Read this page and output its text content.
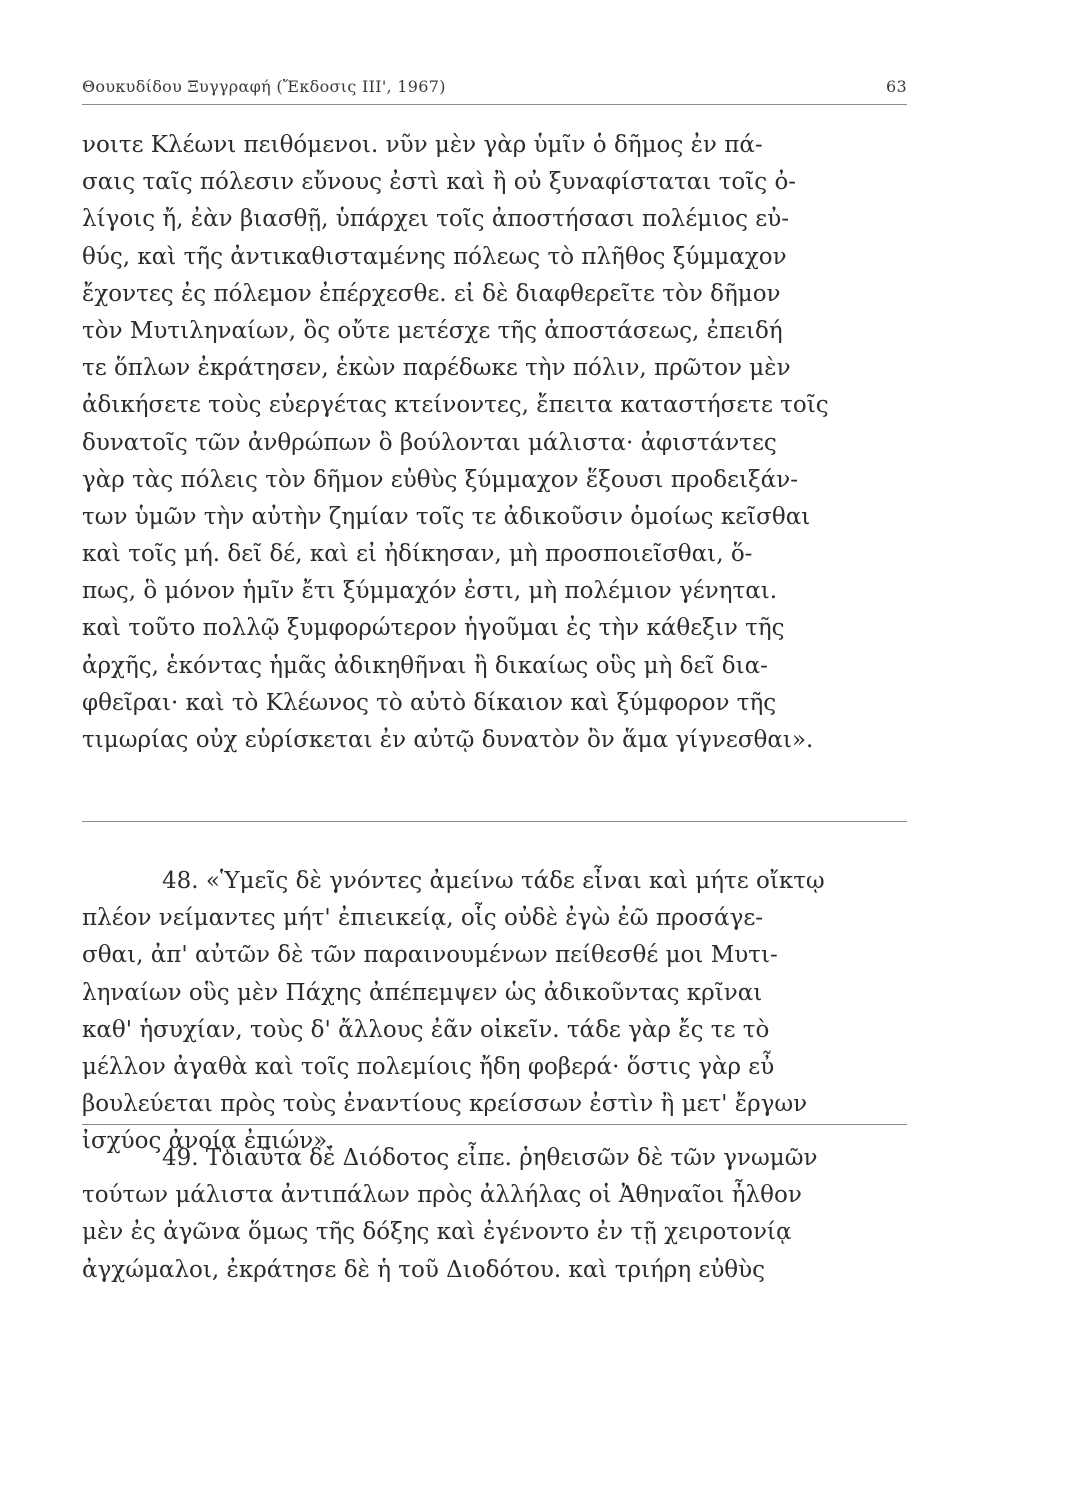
Θουκυδίδου Ξυγγραφή (Ἔκδοσις ΙΙΙ', 1967)	63
νοιτε Κλέωνι πειθόμενοι. νῦν μὲν γὰρ ὑμῖν ὁ δῆμος ἐν πά-
σαις ταῖς πόλεσιν εὔνους ἐστὶ καὶ ἢ οὐ ξυναφίσταται τοῖς ὀ-
λίγοις ἤ, ἐὰν βιασθῇ, ὑπάρχει τοῖς ἀποστήσασι πολέμιος εὐ-
θύς, καὶ τῆς ἀντικαθισταμένης πόλεως τὸ πλῆθος ξύμμαχον
ἔχοντες ἐς πόλεμον ἐπέρχεσθε. εἰ δὲ διαφθερεῖτε τὸν δῆμον
τὸν Μυτιληναίων, ὃς οὔτε μετέσχε τῆς ἀποστάσεως, ἐπειδή
τε ὅπλων ἐκράτησεν, ἑκὼν παρέδωκε τὴν πόλιν, πρῶτον μὲν
ἀδικήσετε τοὺς εὐεργέτας κτείνοντες, ἔπειτα καταστήσετε τοῖς
δυνατοῖς τῶν ἀνθρώπων ὃ βούλονται μάλιστα· ἀφιστάντες
γὰρ τὰς πόλεις τὸν δῆμον εὐθὺς ξύμμαχον ἕξουσι προδειξάν-
των ὑμῶν τὴν αὐτὴν ζημίαν τοῖς τε ἀδικοῦσιν ὁμοίως κεῖσθαι
καὶ τοῖς μή. δεῖ δέ, καὶ εἰ ἠδίκησαν, μὴ προσποιεῖσθαι, ὅ-
πως, ὃ μόνον ἡμῖν ἔτι ξύμμαχόν ἐστι, μὴ πολέμιον γένηται.
καὶ τοῦτο πολλῷ ξυμφορώτερον ἡγοῦμαι ἐς τὴν κάθεξιν τῆς
ἀρχῆς, ἑκόντας ἡμᾶς ἀδικηθῆναι ἢ δικαίως οὓς μὴ δεῖ δια-
φθεῖραι· καὶ τὸ Κλέωνος τὸ αὐτὸ δίκαιον καὶ ξύμφορον τῆς
τιμωρίας οὐχ εὑρίσκεται ἐν αὐτῷ δυνατὸν ὂν ἅμα γίγνεσθαι».
48. «Ὑμεῖς δὲ γνόντες ἀμείνω τάδε εἶναι καὶ μήτε οἴκτῳ
πλέον νείμαντες μήτ' ἐπιεικείᾳ, οἷς οὐδὲ ἐγὼ ἐῶ προσάγε-
σθαι, ἀπ' αὐτῶν δὲ τῶν παραινουμένων πείθεσθέ μοι Μυτι-
ληναίων οὓς μὲν Πάχης ἀπέπεμψεν ὡς ἀδικοῦντας κρῖναι
καθ' ἡσυχίαν, τοὺς δ' ἄλλους ἐᾶν οἰκεῖν. τάδε γὰρ ἔς τε τὸ
μέλλον ἀγαθὰ καὶ τοῖς πολεμίοις ἤδη φοβερά· ὅστις γὰρ εὖ
βουλεύεται πρὸς τοὺς ἐναντίους κρείσσων ἐστὶν ἢ μετ' ἔργων
ἰσχύος ἀνοίᾳ ἐπιών».
49. Τοιαῦτα δὲ Διόδοτος εἶπε. ῥηθεισῶν δὲ τῶν γνωμῶν
τούτων μάλιστα ἀντιπάλων πρὸς ἀλλήλας οἱ Ἀθηναῖοι ἦλθον
μὲν ἐς ἀγῶνα ὅμως τῆς δόξης καὶ ἐγένοντο ἐν τῇ χειροτονίᾳ
ἀγχώμαλοι, ἐκράτησε δὲ ἡ τοῦ Διοδότου. καὶ τριήρη εὐθὺς
